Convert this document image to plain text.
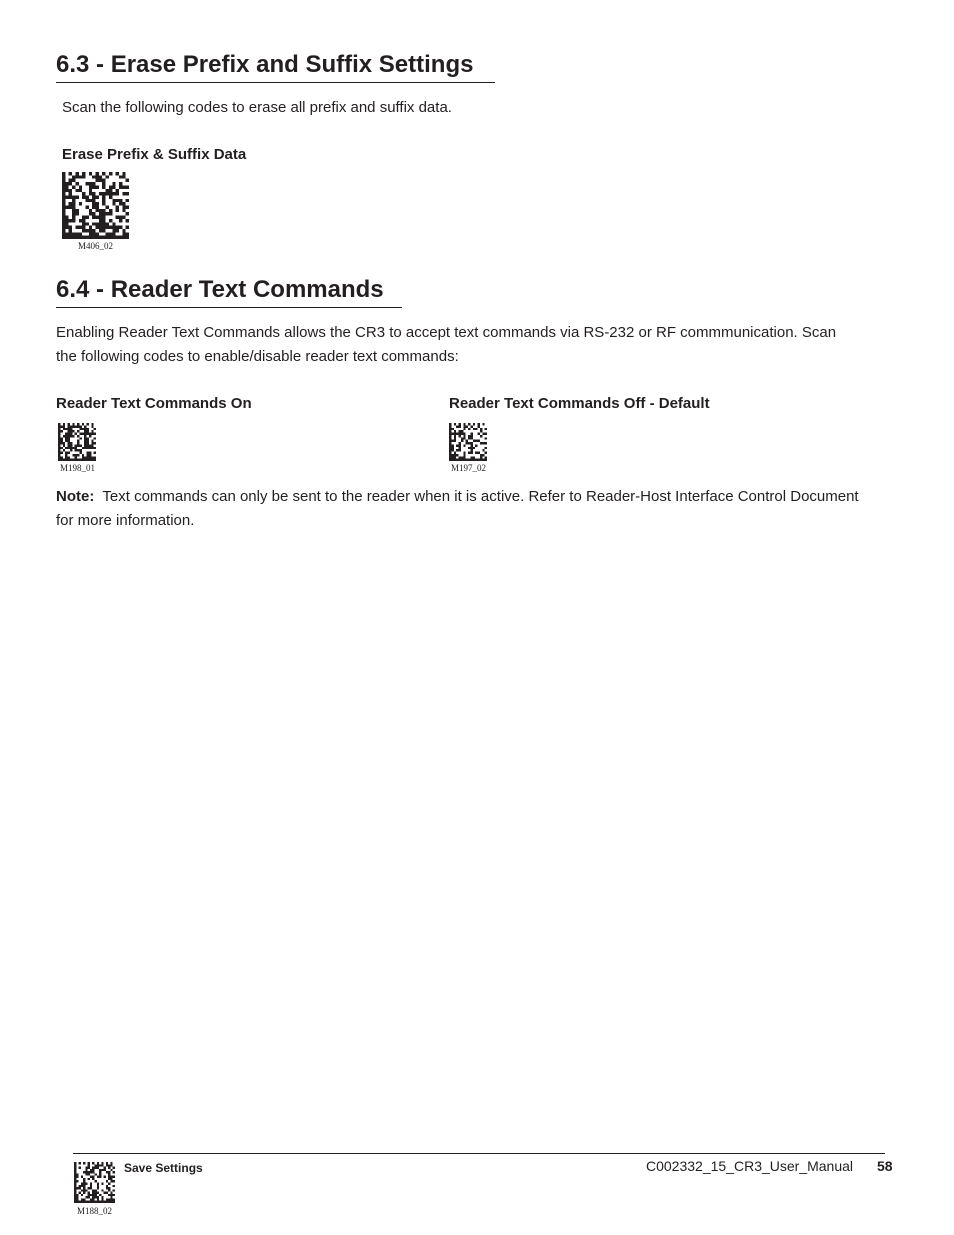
6.3 - Erase Prefix and Suffix Settings
Scan the following codes to erase all prefix and suffix data.
Erase Prefix & Suffix Data
M406_02
6.4 - Reader Text Commands
Enabling Reader Text Commands allows the CR3 to accept text commands via RS-232 or RF commmunication. Scan
the following codes to enable/disable reader text commands:
Reader Text Commands On
M198_01
Reader Text Commands Off - Default
M197_02
Note: Text commands can only be sent to the reader when it is active. Refer to Reader-Host Interface Control Document
for more information.
M188_02
Save Settings	C002332_15_CR3_User_Manual 58
